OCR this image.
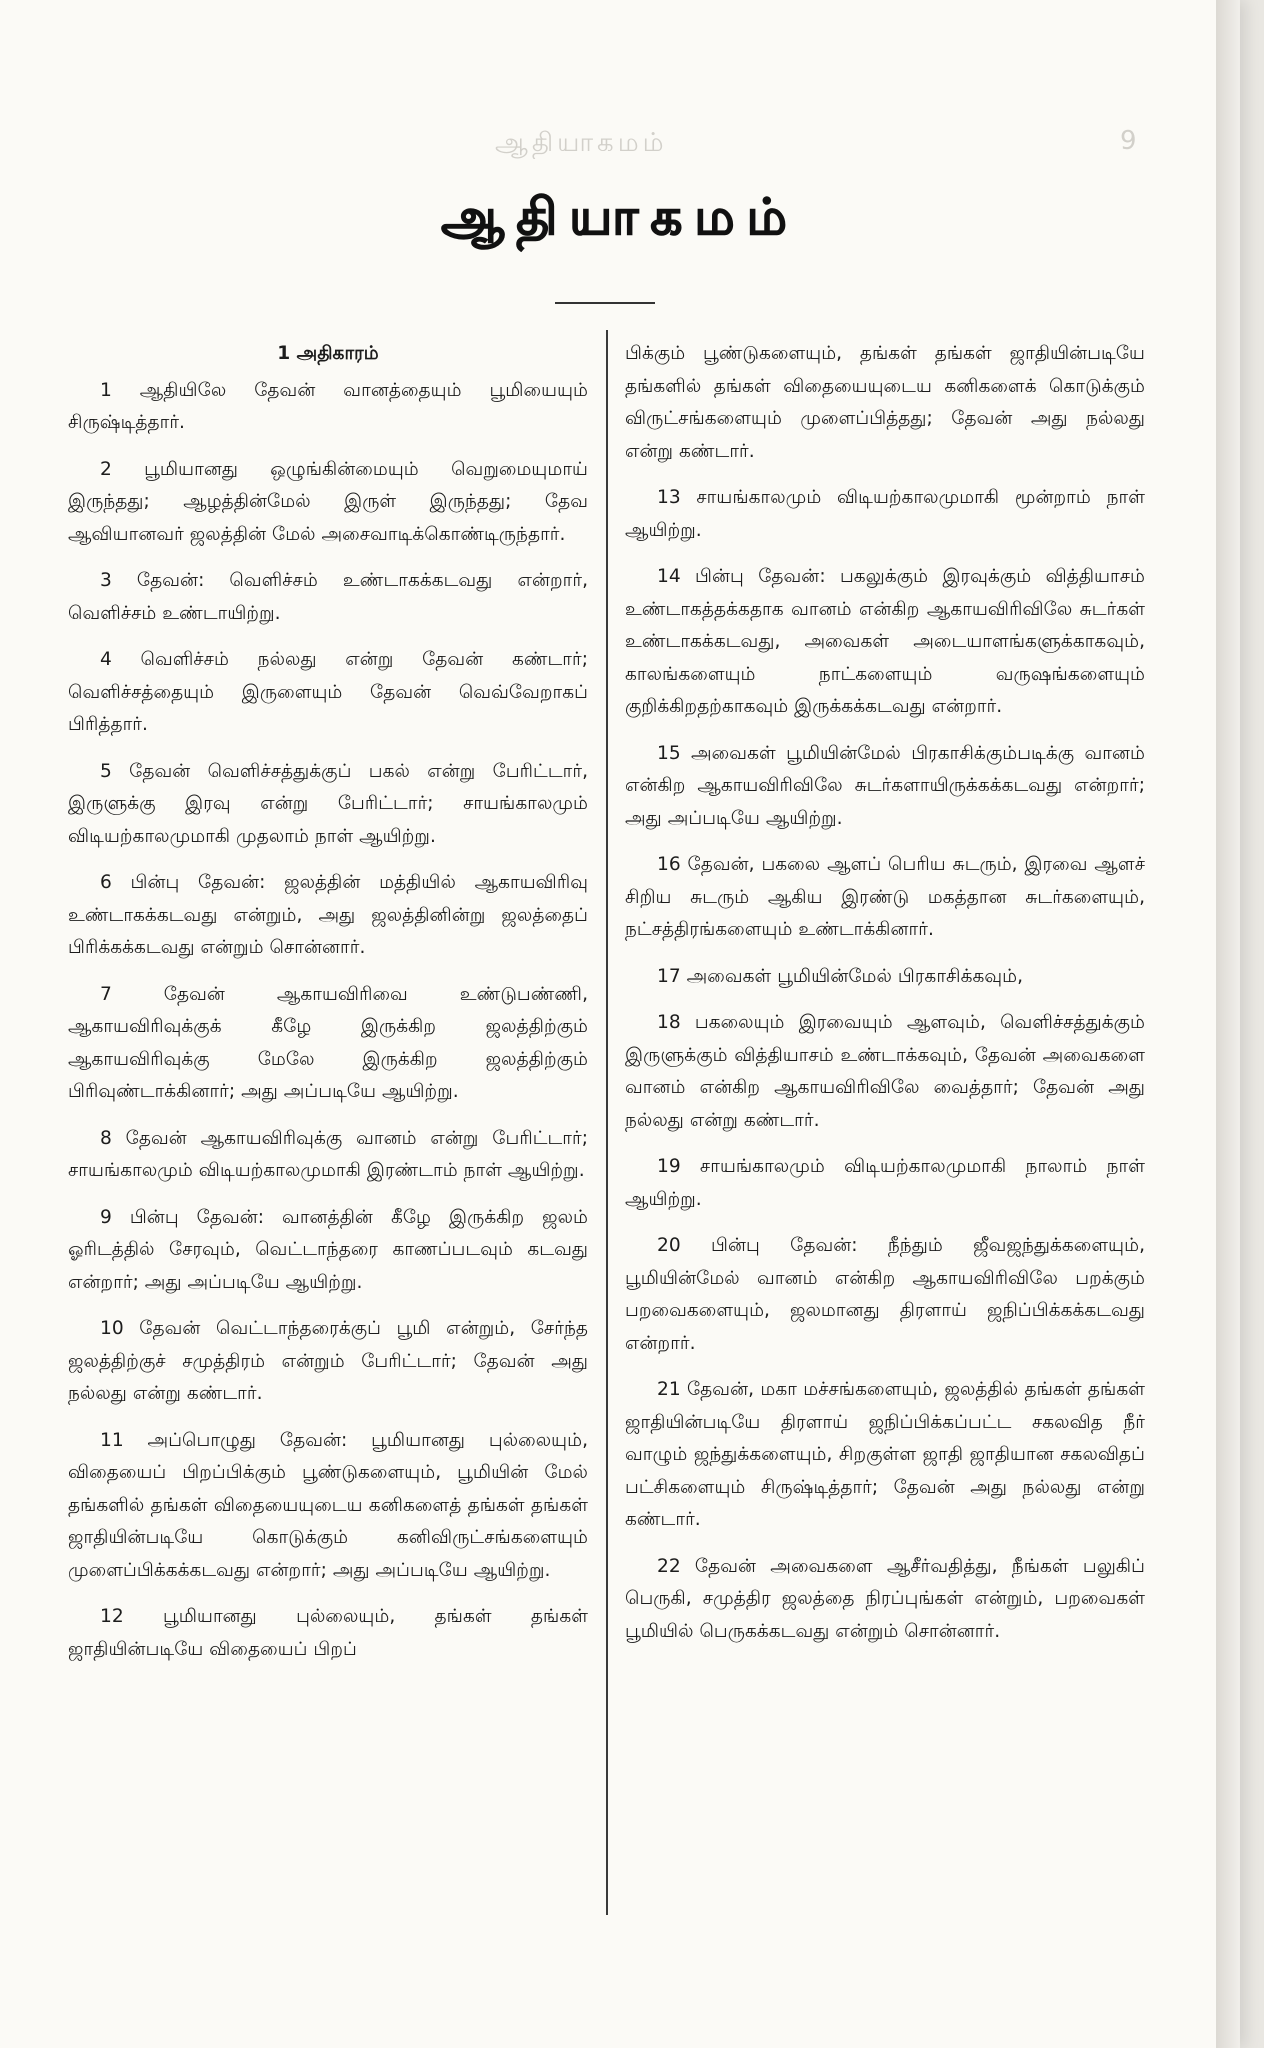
ஆதியாகமம்	9
ஆதியாகமம்
1 அதிகாரம்

1 ஆதியிலே தேவன் வானத்தையும் பூமியையும் சிருஷ்டித்தார்.

2 பூமியானது ஒழுங்கின்மையும் வெறுமையுமாய் இருந்தது; ஆழத்தின்மேல் இருள் இருந்தது; தேவ ஆவியானவர் ஜலத்தின் மேல் அசைவாடிக்கொண்டிருந்தார்.

3 தேவன்: வெளிச்சம் உண்டாகக்கடவது என்றார், வெளிச்சம் உண்டாயிற்று.

4 வெளிச்சம் நல்லது என்று தேவன் கண்டார்; வெளிச்சத்தையும் இருளையும் தேவன் வெவ்வேறாகப் பிரித்தார்.

5 தேவன் வெளிச்சத்துக்குப் பகல் என்று பேரிட்டார், இருளுக்கு இரவு என்று பேரிட்டார்; சாயங்காலமும் விடியற்காலமுமாகி முதலாம் நாள் ஆயிற்று.

6 பின்பு தேவன்: ஜலத்தின் மத்தியில் ஆகாயவிரிவு உண்டாகக்கடவது என்றும், அது ஜலத்தினின்று ஜலத்தைப் பிரிக்கக்கடவது என்றும் சொன்னார்.

7 தேவன் ஆகாயவிரிவை உண்டுபண்ணி, ஆகாயவிரிவுக்குக் கீழே இருக்கிற ஜலத்திற்கும் ஆகாயவிரிவுக்கு மேலே இருக்கிற ஜலத்திற்கும் பிரிவுண்டாக்கினார்; அது அப்படியே ஆயிற்று.

8 தேவன் ஆகாயவிரிவுக்கு வானம் என்று பேரிட்டார்; சாயங்காலமும் விடியற்காலமுமாகி இரண்டாம் நாள் ஆயிற்று.

9 பின்பு தேவன்: வானத்தின் கீழே இருக்கிற ஜலம் ஓரிடத்தில் சேரவும், வெட்டாந்தரை காணப்படவும் கடவது என்றார்; அது அப்படியே ஆயிற்று.

10 தேவன் வெட்டாந்தரைக்குப் பூமி என்றும், சேர்ந்த ஜலத்திற்குச் சமுத்திரம் என்றும் பேரிட்டார்; தேவன் அது நல்லது என்று கண்டார்.

11 அப்பொழுது தேவன்: பூமியானது புல்லையும், விதையைப் பிறப்பிக்கும் பூண்டுகளையும், பூமியின் மேல் தங்களில் தங்கள் விதையையுடைய கனிகளைத் தங்கள் தங்கள் ஜாதியின்படியே கொடுக்கும் கனிவிருட்சங்களையும் முளைப்பிக்கக்கடவது என்றார்; அது அப்படியே ஆயிற்று.

12 பூமியானது புல்லையும், தங்கள் தங்கள் ஜாதியின்படியே விதையைப் பிறப்

பிக்கும் பூண்டுகளையும், தங்கள் தங்கள் ஜாதியின்படியே தங்களில் தங்கள் விதையையுடைய கனிகளைக் கொடுக்கும் விருட்சங்களையும் முளைப்பித்தது; தேவன் அது நல்லது என்று கண்டார்.

13 சாயங்காலமும் விடியற்காலமுமாகி மூன்றாம் நாள் ஆயிற்று.

14 பின்பு தேவன்: பகலுக்கும் இரவுக்கும் வித்தியாசம் உண்டாகத்தக்கதாக வானம் என்கிற ஆகாயவிரிவிலே சுடர்கள் உண்டாகக்கடவது, அவைகள் அடையாளங்களுக்காகவும், காலங்களையும் நாட்களையும் வருஷங்களையும் குறிக்கிறதற்காகவும் இருக்கக்கடவது என்றார்.

15 அவைகள் பூமியின்மேல் பிரகாசிக்கும்படிக்கு வானம் என்கிற ஆகாயவிரிவிலே சுடர்களாயிருக்கக்கடவது என்றார்; அது அப்படியே ஆயிற்று.

16 தேவன், பகலை ஆளப் பெரிய சுடரும், இரவை ஆளச் சிறிய சுடரும் ஆகிய இரண்டு மகத்தான சுடர்களையும், நட்சத்திரங்களையும் உண்டாக்கினார்.

17 அவைகள் பூமியின்மேல் பிரகாசிக்கவும்,

18 பகலையும் இரவையும் ஆளவும், வெளிச்சத்துக்கும் இருளுக்கும் வித்தியாசம் உண்டாக்கவும், தேவன் அவைகளை வானம் என்கிற ஆகாயவிரிவிலே வைத்தார்; தேவன் அது நல்லது என்று கண்டார்.

19 சாயங்காலமும் விடியற்காலமுமாகி நாலாம் நாள் ஆயிற்று.

20 பின்பு தேவன்: நீந்தும் ஜீவஜந்துக்களையும், பூமியின்மேல் வானம் என்கிற ஆகாயவிரிவிலே பறக்கும் பறவைகளையும், ஜலமானது திரளாய் ஜநிப்பிக்கக்கடவது என்றார்.

21 தேவன், மகா மச்சங்களையும், ஜலத்தில் தங்கள் தங்கள் ஜாதியின்படியே திரளாய் ஜநிப்பிக்கப்பட்ட சகலவித நீர் வாழும் ஜந்துக்களையும், சிறகுள்ள ஜாதி ஜாதியான சகலவிதப் பட்சிகளையும் சிருஷ்டித்தார்; தேவன் அது நல்லது என்று கண்டார்.

22 தேவன் அவைகளை ஆசீர்வதித்து, நீங்கள் பலுகிப் பெருகி, சமுத்திர ஜலத்தை நிரப்புங்கள் என்றும், பறவைகள் பூமியில் பெருகக்கடவது என்றும் சொன்னார்.
